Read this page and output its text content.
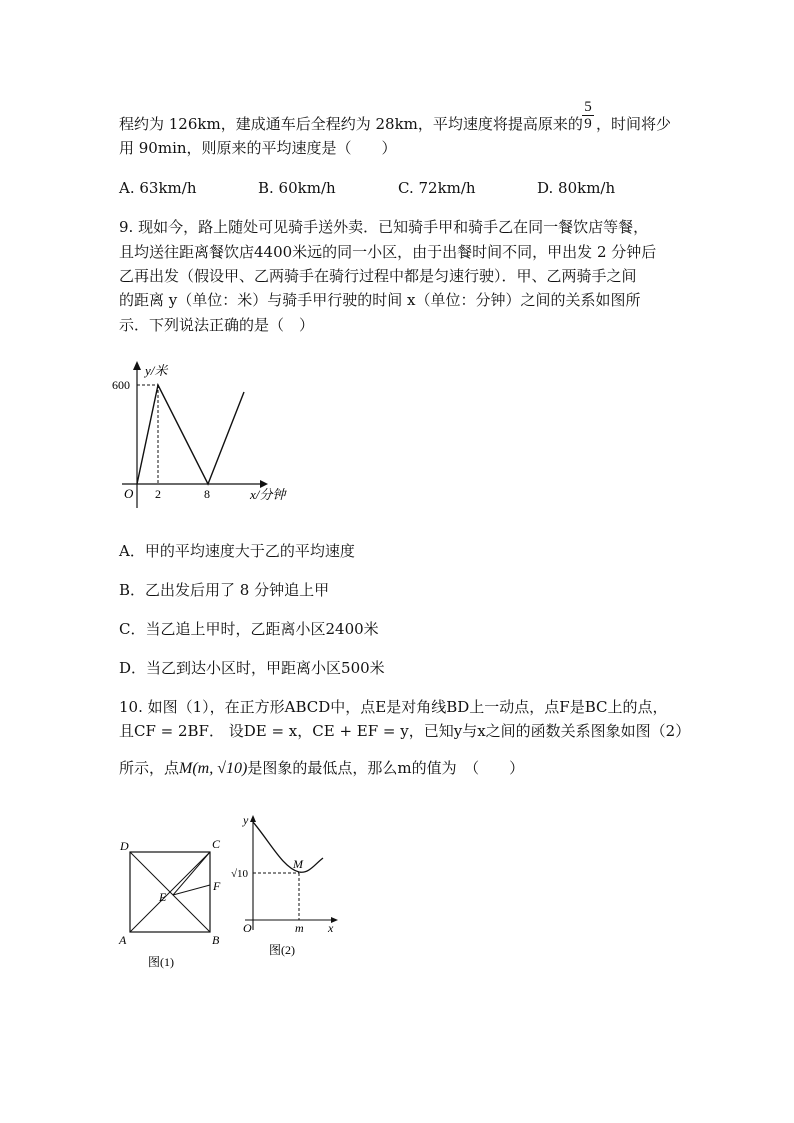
程约为 126km，建成通车后全程约为 28km，平均速度将提高原来的
5
9 ，时间将少
用 90min，则原来的平均速度是（　　）
A. 63km/h	B. 60km/h	C. 72km/h	D. 80km/h
9. 现如今，路上随处可见骑手送外卖．已知骑手甲和骑手乙在同一餐饮店等餐，
且均送往距离餐饮店4400米远的同一小区，由于出餐时间不同，甲出发 2 分钟后
乙再出发（假设甲、乙两骑手在骑行过程中都是匀速行驶）．甲、乙两骑手之间
的距离 y（单位：米）与骑手甲行驶的时间 x（单位：分钟）之间的关系如图所
示．下列说法正确的是（　）
y/米
600
O 2	8	x/分钟
A．甲的平均速度大于乙的平均速度
B．乙出发后用了 8 分钟追上甲
C．当乙追上甲时，乙距离小区2400米
D．当乙到达小区时，甲距离小区500米
10. 如图（1），在正方形ABCD中，点E是对角线BD上一动点，点F是BC上的点，
且CF = 2BF． 设DE = x，CE + EF = y，已知y与x之间的函数关系图象如图（2）
所示，点M(m, √10)是图象的最低点，那么m的值为　（　　）
D	C
A	B
E
F
图(1)
y
x
O
√10
m
M
图(2)
